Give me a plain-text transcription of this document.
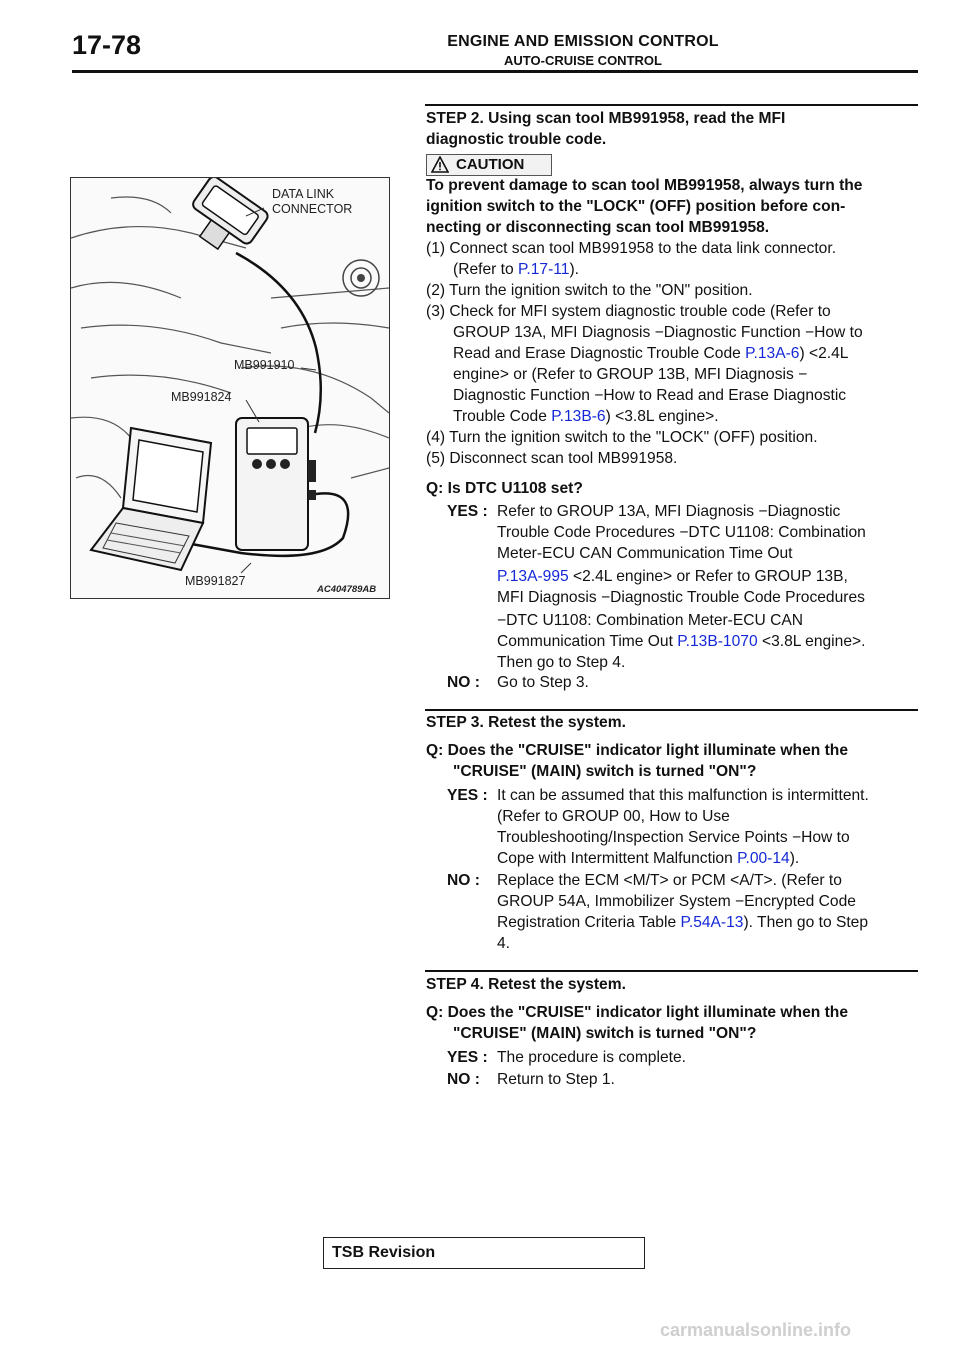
17-78	ENGINE AND EMISSION CONTROL
AUTO-CRUISE CONTROL
DATA LINK
CONNECTOR
MB991910
MB991824
MB991827
AC404789AB
STEP 2. Using scan tool MB991958, read the MFI
diagnostic trouble code.
CAUTION
To prevent damage to scan tool MB991958, always turn the
ignition switch to the "LOCK" (OFF) position before con-
necting or disconnecting scan tool MB991958.
(1) Connect scan tool MB991958 to the data link connector.
(Refer to P.17-11).
(2) Turn the ignition switch to the "ON" position.
(3) Check for MFI system diagnostic trouble code (Refer to
GROUP 13A, MFI Diagnosis −Diagnostic Function −How to
Read and Erase Diagnostic Trouble Code P.13A-6) <2.4L
engine> or (Refer to GROUP 13B, MFI Diagnosis −
Diagnostic Function −How to Read and Erase Diagnostic
Trouble Code P.13B-6) <3.8L engine>.
(4) Turn the ignition switch to the "LOCK" (OFF) position.
(5) Disconnect scan tool MB991958.
Q: Is DTC U1108 set?
YES : Refer to GROUP 13A, MFI Diagnosis −Diagnostic
Trouble Code Procedures −DTC U1108: Combination
Meter-ECU CAN Communication Time Out
P.13A-995 <2.4L engine> or Refer to GROUP 13B,
MFI Diagnosis −Diagnostic Trouble Code Procedures
−DTC U1108: Combination Meter-ECU CAN
Communication Time Out P.13B-1070 <3.8L engine>.
Then go to Step 4.
NO :	Go to Step 3.
STEP 3. Retest the system.
Q: Does the "CRUISE" indicator light illuminate when the
"CRUISE" (MAIN) switch is turned "ON"?
YES : It can be assumed that this malfunction is intermittent.
(Refer to GROUP 00, How to Use
Troubleshooting/Inspection Service Points −How to
Cope with Intermittent Malfunction P.00-14).
NO :	Replace the ECM <M/T> or PCM <A/T>. (Refer to
GROUP 54A, Immobilizer System −Encrypted Code
Registration Criteria Table P.54A-13). Then go to Step
4.
STEP 4. Retest the system.
Q: Does the "CRUISE" indicator light illuminate when the
"CRUISE" (MAIN) switch is turned "ON"?
YES : The procedure is complete.
NO :	Return to Step 1.
TSB Revision
carmanualsonline.info
